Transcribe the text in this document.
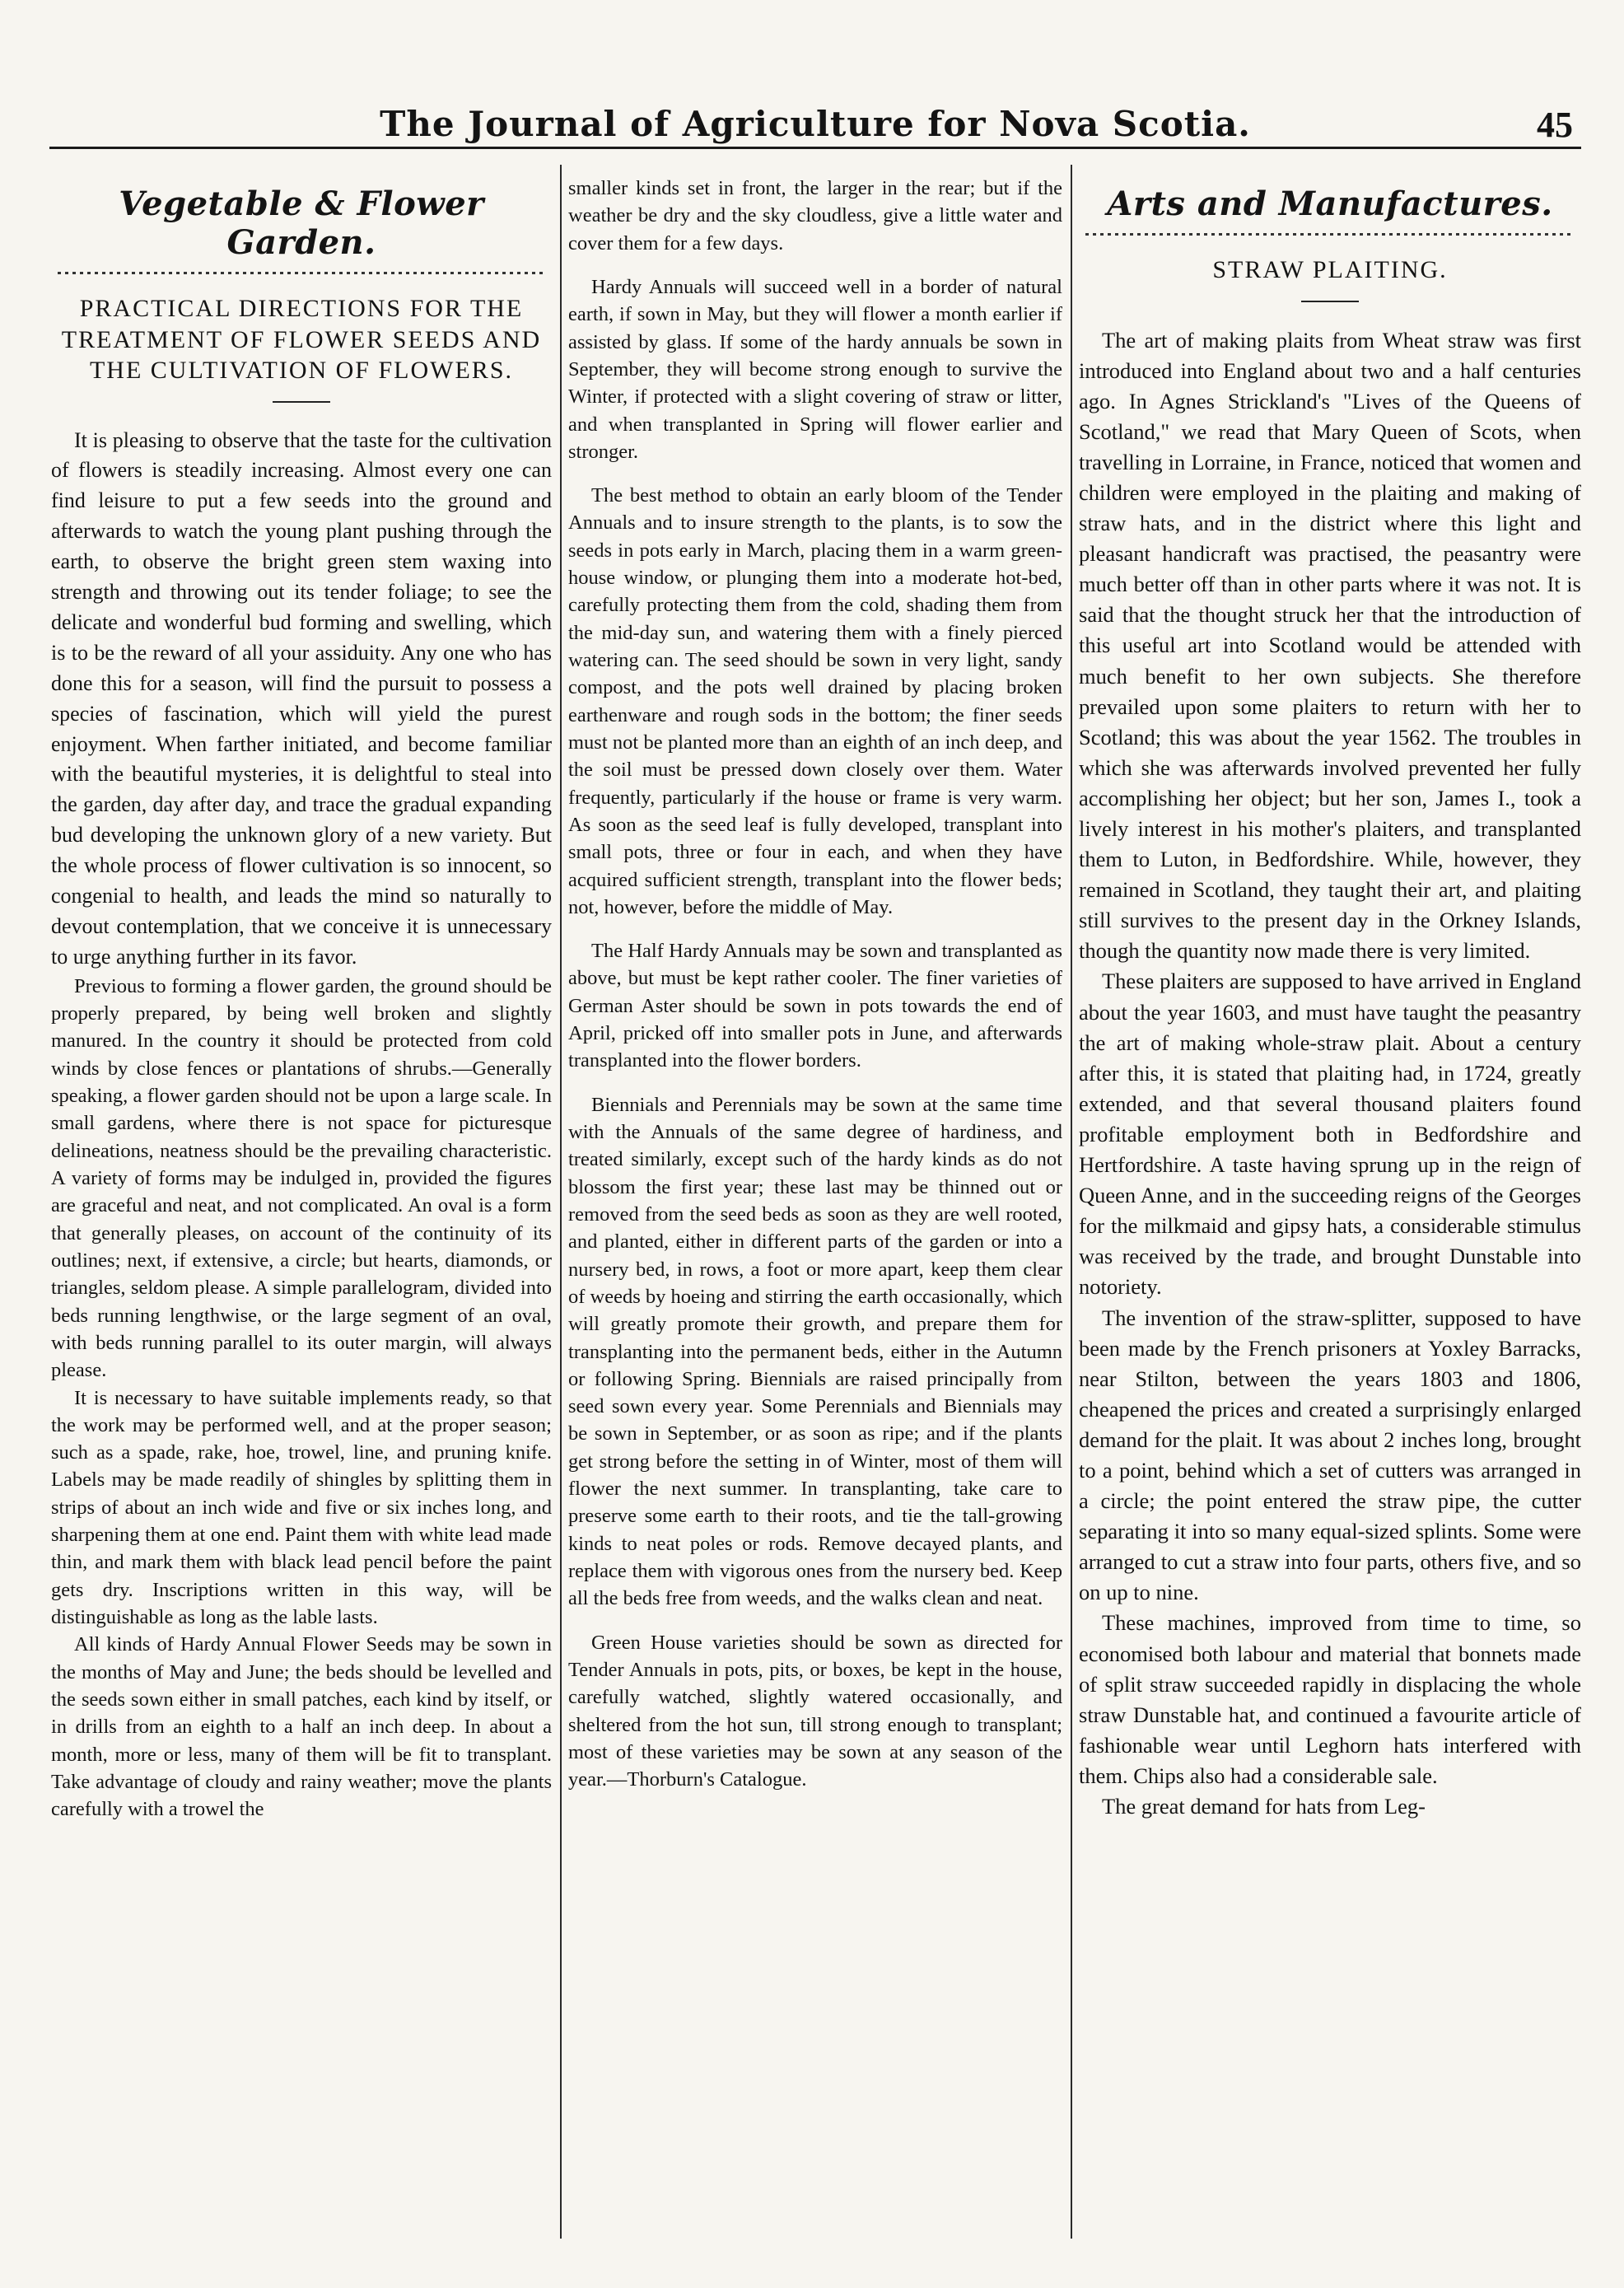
The Journal of Agriculture for Nova Scotia.	45
Vegetable & Flower Garden.
PRACTICAL DIRECTIONS FOR THE TREATMENT OF FLOWER SEEDS AND THE CULTIVATION OF FLOWERS.

It is pleasing to observe that the taste for the cultivation of flowers is steadily increasing. Almost every one can find leisure to put a few seeds into the ground and afterwards to watch the young plant pushing through the earth, to observe the bright green stem waxing into strength and throwing out its tender foliage; to see the delicate and wonderful bud forming and swelling, which is to be the reward of all your assiduity. Any one who has done this for a season, will find the pursuit to possess a species of fascination, which will yield the purest enjoyment. When farther initiated, and become familiar with the beautiful mysteries, it is delightful to steal into the garden, day after day, and trace the gradual expanding bud developing the unknown glory of a new variety. But the whole process of flower cultivation is so innocent, so congenial to health, and leads the mind so naturally to devout contemplation, that we conceive it is unnecessary to urge anything further in its favor.

Previous to forming a flower garden, the ground should be properly prepared, by being well broken and slightly manured. In the country it should be protected from cold winds by close fences or plantations of shrubs.—Generally speaking, a flower garden should not be upon a large scale. In small gardens, where there is not space for picturesque delineations, neatness should be the prevailing characteristic. A variety of forms may be indulged in, provided the figures are graceful and neat, and not complicated. An oval is a form that generally pleases, on account of the continuity of its outlines; next, if extensive, a circle; but hearts, diamonds, or triangles, seldom please. A simple parallelogram, divided into beds running lengthwise, or the large segment of an oval, with beds running parallel to its outer margin, will always please.

It is necessary to have suitable implements ready, so that the work may be performed well, and at the proper season; such as a spade, rake, hoe, trowel, line, and pruning knife. Labels may be made readily of shingles by splitting them in strips of about an inch wide and five or six inches long, and sharpening them at one end. Paint them with white lead made thin, and mark them with black lead pencil before the paint gets dry. Inscriptions written in this way, will be distinguishable as long as the lable lasts.

All kinds of Hardy Annual Flower Seeds may be sown in the months of May and June; the beds should be levelled and the seeds sown either in small patches, each kind by itself, or in drills from an eighth to a half an inch deep. In about a month, more or less, many of them will be fit to transplant. Take advantage of cloudy and rainy weather; move the plants carefully with a trowel the

smaller kinds set in front, the larger in the rear; but if the weather be dry and the sky cloudless, give a little water and cover them for a few days.

Hardy Annuals will succeed well in a border of natural earth, if sown in May, but they will flower a month earlier if assisted by glass. If some of the hardy annuals be sown in September, they will become strong enough to survive the Winter, if protected with a slight covering of straw or litter, and when transplanted in Spring will flower earlier and stronger.

The best method to obtain an early bloom of the Tender Annuals and to insure strength to the plants, is to sow the seeds in pots early in March, placing them in a warm green-house window, or plunging them into a moderate hot-bed, carefully protecting them from the cold, shading them from the mid-day sun, and watering them with a finely pierced watering can. The seed should be sown in very light, sandy compost, and the pots well drained by placing broken earthenware and rough sods in the bottom; the finer seeds must not be planted more than an eighth of an inch deep, and the soil must be pressed down closely over them. Water frequently, particularly if the house or frame is very warm. As soon as the seed leaf is fully developed, transplant into small pots, three or four in each, and when they have acquired sufficient strength, transplant into the flower beds; not, however, before the middle of May.

The Half Hardy Annuals may be sown and transplanted as above, but must be kept rather cooler. The finer varieties of German Aster should be sown in pots towards the end of April, pricked off into smaller pots in June, and afterwards transplanted into the flower borders.

Biennials and Perennials may be sown at the same time with the Annuals of the same degree of hardiness, and treated similarly, except such of the hardy kinds as do not blossom the first year; these last may be thinned out or removed from the seed beds as soon as they are well rooted, and planted, either in different parts of the garden or into a nursery bed, in rows, a foot or more apart, keep them clear of weeds by hoeing and stirring the earth occasionally, which will greatly promote their growth, and prepare them for transplanting into the permanent beds, either in the Autumn or following Spring. Biennials are raised principally from seed sown every year. Some Perennials and Biennials may be sown in September, or as soon as ripe; and if the plants get strong before the setting in of Winter, most of them will flower the next summer. In transplanting, take care to preserve some earth to their roots, and tie the tall-growing kinds to neat poles or rods. Remove decayed plants, and replace them with vigorous ones from the nursery bed. Keep all the beds free from weeds, and the walks clean and neat.

Green House varieties should be sown as directed for Tender Annuals in pots, pits, or boxes, be kept in the house, carefully watched, slightly watered occasionally, and sheltered from the hot sun, till strong enough to transplant; most of these varieties may be sown at any season of the year.—Thorburn's Catalogue.

Arts and Manufactures.
STRAW PLAITING.

The art of making plaits from Wheat straw was first introduced into England about two and a half centuries ago. In Agnes Strickland's "Lives of the Queens of Scotland," we read that Mary Queen of Scots, when travelling in Lorraine, in France, noticed that women and children were employed in the plaiting and making of straw hats, and in the district where this light and pleasant handicraft was practised, the peasantry were much better off than in other parts where it was not. It is said that the thought struck her that the introduction of this useful art into Scotland would be attended with much benefit to her own subjects. She therefore prevailed upon some plaiters to return with her to Scotland; this was about the year 1562. The troubles in which she was afterwards involved prevented her fully accomplishing her object; but her son, James I., took a lively interest in his mother's plaiters, and transplanted them to Luton, in Bedfordshire. While, however, they remained in Scotland, they taught their art, and plaiting still survives to the present day in the Orkney Islands, though the quantity now made there is very limited.

These plaiters are supposed to have arrived in England about the year 1603, and must have taught the peasantry the art of making whole-straw plait. About a century after this, it is stated that plaiting had, in 1724, greatly extended, and that several thousand plaiters found profitable employment both in Bedfordshire and Hertfordshire. A taste having sprung up in the reign of Queen Anne, and in the succeeding reigns of the Georges for the milkmaid and gipsy hats, a considerable stimulus was received by the trade, and brought Dunstable into notoriety.

The invention of the straw-splitter, supposed to have been made by the French prisoners at Yoxley Barracks, near Stilton, between the years 1803 and 1806, cheapened the prices and created a surprisingly enlarged demand for the plait. It was about 2 inches long, brought to a point, behind which a set of cutters was arranged in a circle; the point entered the straw pipe, the cutter separating it into so many equal-sized splints. Some were arranged to cut a straw into four parts, others five, and so on up to nine.

These machines, improved from time to time, so economised both labour and material that bonnets made of split straw succeeded rapidly in displacing the whole straw Dunstable hat, and continued a favourite article of fashionable wear until Leghorn hats interfered with them. Chips also had a considerable sale.

The great demand for hats from Leg-
